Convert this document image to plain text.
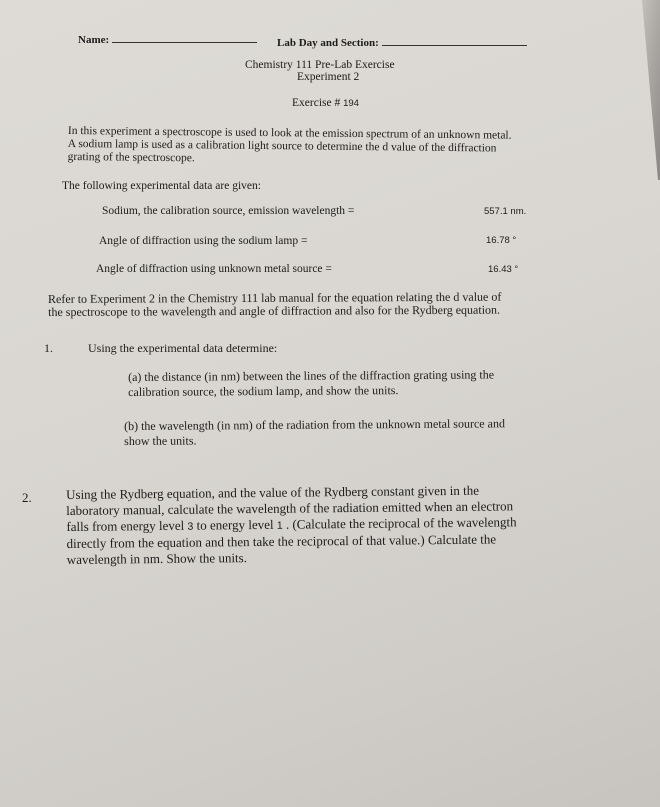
Name:	Lab Day and Section:
Chemistry 111 Pre-Lab Exercise
Experiment 2
Exercise # 194
In this experiment a spectroscope is used to look at the emission spectrum of an unknown metal.
A sodium lamp is used as a calibration light source to determine the d value of the diffraction
grating of the spectroscope.
The following experimental data are given:
Sodium, the calibration source, emission wavelength =	557.1 nm.
Angle of diffraction using the sodium lamp =	16.78 °
Angle of diffraction using unknown metal source =	16.43 °
Refer to Experiment 2 in the Chemistry 111 lab manual for the equation relating the d value of
the spectroscope to the wavelength and angle of diffraction and also for the Rydberg equation.
1.	Using the experimental data determine:
(a) the distance (in nm) between the lines of the diffraction grating using the
calibration source, the sodium lamp, and show the units.
(b) the wavelength (in nm) of the radiation from the unknown metal source and
show the units.
2.	Using the Rydberg equation, and the value of the Rydberg constant given in the
laboratory manual, calculate the wavelength of the radiation emitted when an electron
falls from energy level 3 to energy level 1 . (Calculate the reciprocal of the wavelength
directly from the equation and then take the reciprocal of that value.) Calculate the
wavelength in nm. Show the units.
